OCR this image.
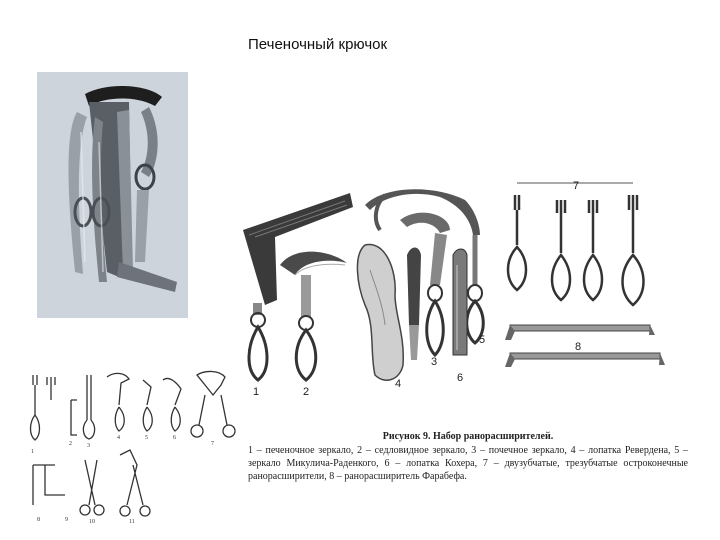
Печеночный крючок
1	2
3
4
5
6
7
8
Рисунок 9. Набор ранорасширителей.
1 – печеночное зеркало, 2 – седловидное зеркало, 3 – почечное зеркало, 4 – лопатка Ревердена, 5 – зеркало Микулича-Раденкого, 6 – лопатка Кохера, 7 – двузубчатые, трезубчатые остроконечные ранорасширители, 8 – ранорасширитель Фарабефа.
1
2	3
4	5	6
7
8	9	10	11
